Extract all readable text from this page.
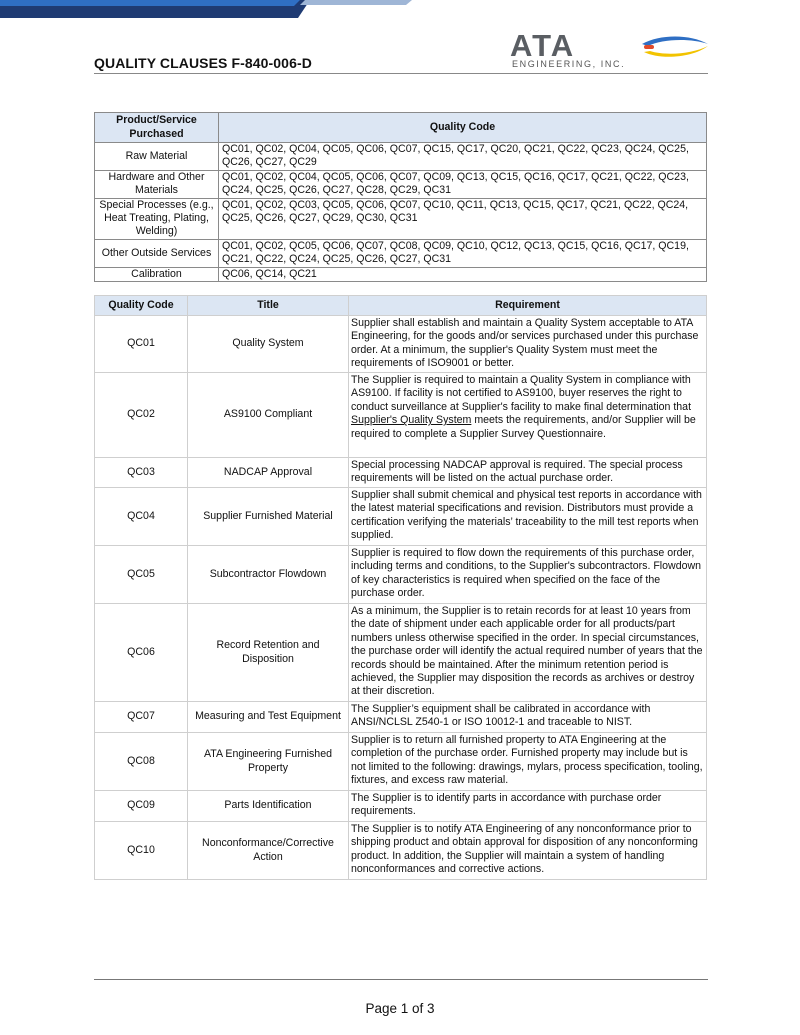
QUALITY CLAUSES F-840-006-D	ATA
ENGINEERING, INC.
Product/Service Purchased	Quality Code
Raw Material	QC01, QC02, QC04, QC05, QC06, QC07, QC15, QC17, QC20, QC21, QC22, QC23, QC24, QC25, QC26, QC27, QC29
Hardware and Other Materials	QC01, QC02, QC04, QC05, QC06, QC07, QC09, QC13, QC15, QC16, QC17, QC21, QC22, QC23, QC24, QC25, QC26, QC27, QC28, QC29, QC31
Special Processes (e.g., Heat Treating, Plating, Welding)	QC01, QC02, QC03, QC05, QC06, QC07, QC10, QC11, QC13, QC15, QC17, QC21, QC22, QC24, QC25, QC26, QC27, QC29, QC30, QC31
Other Outside Services	QC01, QC02, QC05, QC06, QC07, QC08, QC09, QC10, QC12, QC13, QC15, QC16, QC17, QC19, QC21, QC22, QC24, QC25, QC26, QC27, QC31
Calibration	QC06, QC14, QC21
Quality Code	Title	Requirement
QC01	Quality System	Supplier shall establish and maintain a Quality System acceptable to ATA Engineering, for the goods and/or services purchased under this purchase order. At a minimum, the supplier's Quality System must meet the requirements of ISO9001 or better.
QC02	AS9100 Compliant	The Supplier is required to maintain a Quality System in compliance with AS9100. If facility is not certified to AS9100, buyer reserves the right to conduct surveillance at Supplier's facility to make final determination that Supplier's Quality System meets the requirements, and/or Supplier will be required to complete a Supplier Survey Questionnaire.
QC03	NADCAP Approval	Special processing NADCAP approval is required. The special process requirements will be listed on the actual purchase order.
QC04	Supplier Furnished Material	Supplier shall submit chemical and physical test reports in accordance with the latest material specifications and revision. Distributors must provide a certification verifying the materials’ traceability to the mill test reports when supplied.
QC05	Subcontractor Flowdown	Supplier is required to flow down the requirements of this purchase order, including terms and conditions, to the Supplier's subcontractors. Flowdown of key characteristics is required when specified on the face of the purchase order.
QC06	Record Retention and Disposition	As a minimum, the Supplier is to retain records for at least 10 years from the date of shipment under each applicable order for all products/part numbers unless otherwise specified in the order. In special circumstances, the purchase order will identify the actual required number of years that the records should be maintained. After the minimum retention period is achieved, the Supplier may disposition the records as archives or destroy at their discretion.
QC07	Measuring and Test Equipment	The Supplier’s equipment shall be calibrated in accordance with ANSI/NCLSL Z540-1 or ISO 10012-1 and traceable to NIST.
QC08	ATA Engineering Furnished Property	Supplier is to return all furnished property to ATA Engineering at the completion of the purchase order. Furnished property may include but is not limited to the following: drawings, mylars, process specification, tooling, fixtures, and excess raw material.
QC09	Parts Identification	The Supplier is to identify parts in accordance with purchase order requirements.
QC10	Nonconformance/Corrective Action	The Supplier is to notify ATA Engineering of any nonconformance prior to shipping product and obtain approval for disposition of any nonconforming product. In addition, the Supplier will maintain a system of handling nonconformances and corrective actions.
Page 1 of 3
